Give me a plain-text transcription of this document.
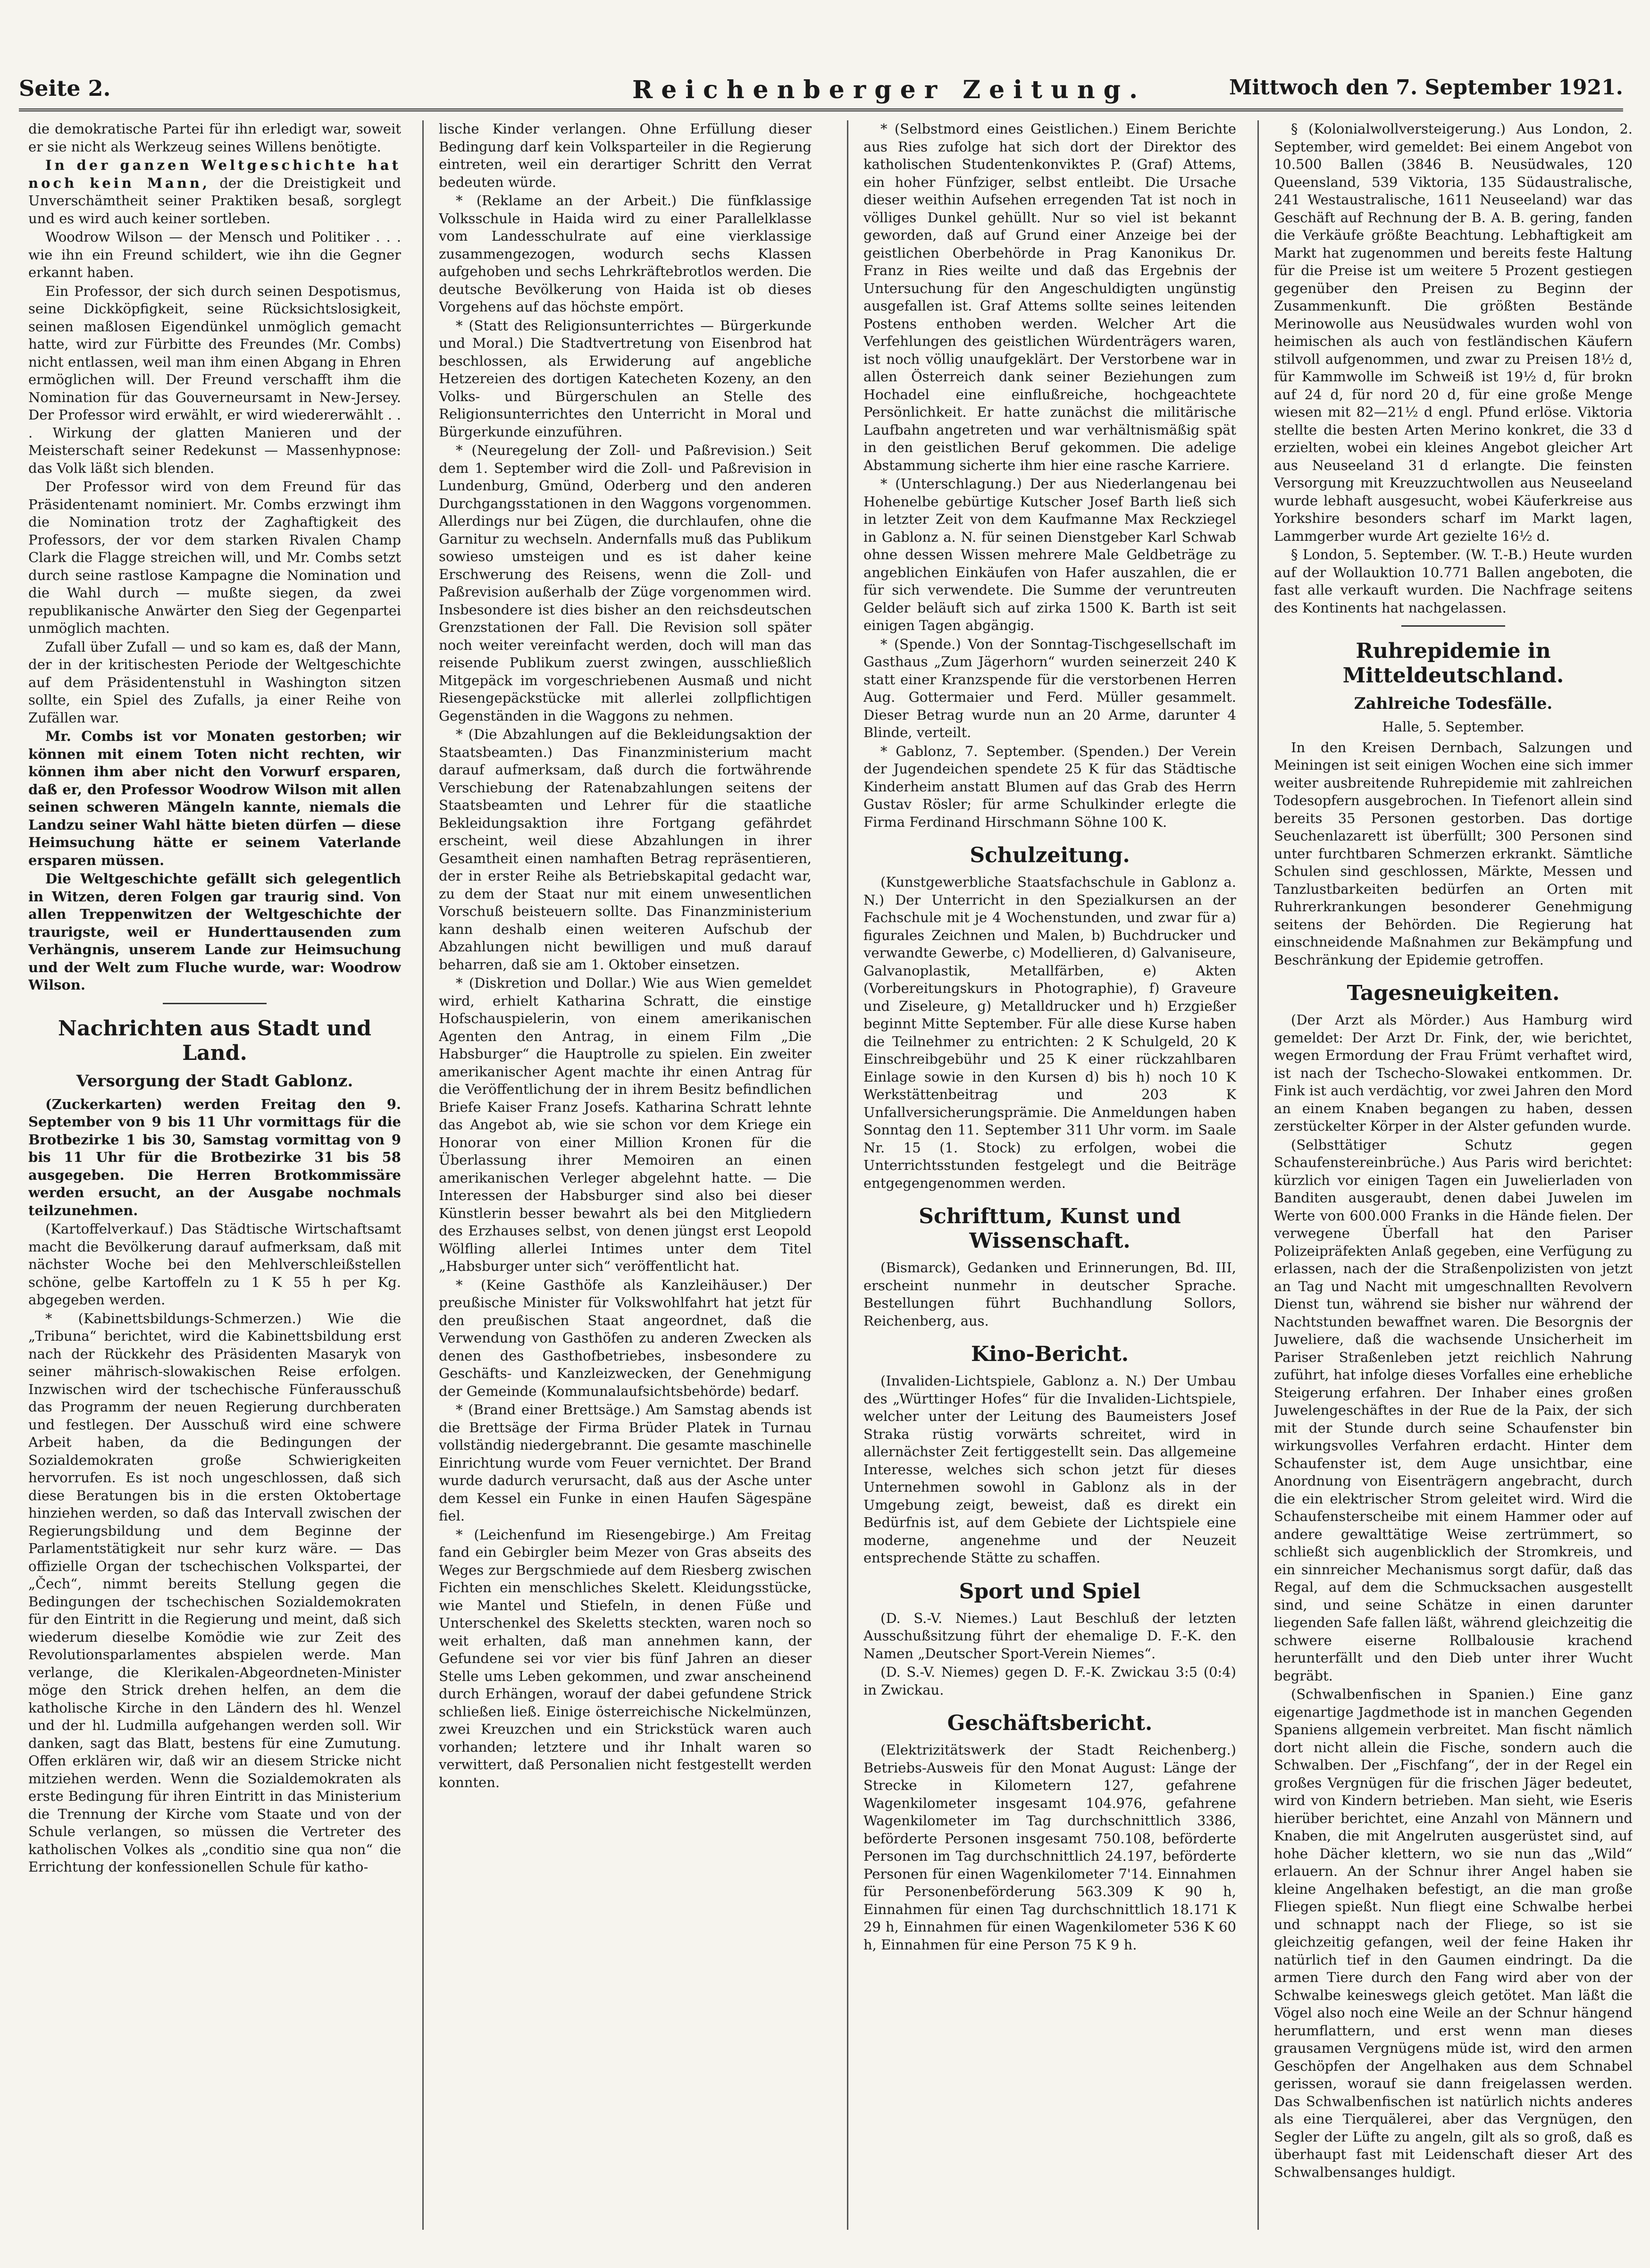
Seite 2.	Reichenberger Zeitung.	Mittwoch den 7. September 1921.

die demokratische Partei für ihn erledigt war, soweit er sie nicht als Werkzeug seines Willens benötigte.

In der ganzen Weltgeschichte hat noch kein Mann, der die Dreistigkeit und Unverschämtheit seiner Praktiken besaß, sorglegt und es wird auch keiner sortleben.

Woodrow Wilson — der Mensch und Politiker . . . wie ihn ein Freund schildert, wie ihn die Gegner erkannt haben.

Ein Professor, der sich durch seinen Despotismus, seine Dickköpfigkeit, seine Rücksichtslosigkeit, seinen maßlosen Eigendünkel unmöglich gemacht hatte, wird zur Fürbitte des Freundes (Mr. Combs) nicht entlassen, weil man ihm einen Abgang in Ehren ermöglichen will. Der Freund verschafft ihm die Nomination für das Gouverneursamt in New-Jersey. Der Professor wird erwählt, er wird wiedererwählt . . . Wirkung der glatten Manieren und der Meisterschaft seiner Redekunst — Massenhypnose: das Volk läßt sich blenden.

Der Professor wird von dem Freund für das Präsidentenamt nominiert. Mr. Combs erzwingt ihm die Nomination trotz der Zaghaftigkeit des Professors, der vor dem starken Rivalen Champ Clark die Flagge streichen will, und Mr. Combs setzt durch seine rastlose Kampagne die Nomination und die Wahl durch — mußte siegen, da zwei republikanische Anwärter den Sieg der Gegenpartei unmöglich machten.

Zufall über Zufall — und so kam es, daß der Mann, der in der kritischesten Periode der Weltgeschichte auf dem Präsidentenstuhl in Washington sitzen sollte, ein Spiel des Zufalls, ja einer Reihe von Zufällen war.

Mr. Combs ist vor Monaten gestorben; wir können mit einem Toten nicht rechten, wir können ihm aber nicht den Vorwurf ersparen, daß er, den Professor Woodrow Wilson mit allen seinen schweren Mängeln kannte, niemals die Landzu seiner Wahl hätte bieten dürfen — diese Heimsuchung hätte er seinem Vaterlande ersparen müssen.

Die Weltgeschichte gefällt sich gelegentlich in Witzen, deren Folgen gar traurig sind. Von allen Treppenwitzen der Weltgeschichte der traurigste, weil er Hunderttausenden zum Verhängnis, unserem Lande zur Heimsuchung und der Welt zum Fluche wurde, war: Woodrow Wilson.

Nachrichten aus Stadt und Land.
Versorgung der Stadt Gablonz.

(Zuckerkarten) werden Freitag den 9. September von 9 bis 11 Uhr vormittags für die Brotbezirke 1 bis 30, Samstag vormittag von 9 bis 11 Uhr für die Brotbezirke 31 bis 58 ausgegeben. Die Herren Brotkommissäre werden ersucht, an der Ausgabe nochmals teilzunehmen.

(Kartoffelverkauf.) Das Städtische Wirtschaftsamt macht die Bevölkerung darauf aufmerksam, daß mit nächster Woche bei den Mehlverschleißstellen schöne, gelbe Kartoffeln zu 1 K 55 h per Kg. abgegeben werden.

* (Kabinettsbildungs-Schmerzen.) Wie die „Tribuna“ berichtet, wird die Kabinettsbildung erst nach der Rückkehr des Präsidenten Masaryk von seiner mährisch-slowakischen Reise erfolgen. Inzwischen wird der tschechische Fünferausschuß das Programm der neuen Regierung durchberaten und festlegen. Der Ausschuß wird eine schwere Arbeit haben, da die Bedingungen der Sozialdemokraten große Schwierigkeiten hervorrufen. Es ist noch ungeschlossen, daß sich diese Beratungen bis in die ersten Oktobertage hinziehen werden, so daß das Intervall zwischen der Regierungsbildung und dem Beginne der Parlamentstätigkeit nur sehr kurz wäre. — Das offizielle Organ der tschechischen Volkspartei, der „Čech“, nimmt bereits Stellung gegen die Bedingungen der tschechischen Sozialdemokraten für den Eintritt in die Regierung und meint, daß sich wiederum dieselbe Komödie wie zur Zeit des Revolutionsparlamentes abspielen werde. Man verlange, die Klerikalen-Abgeordneten-Minister möge den Strick drehen helfen, an dem die katholische Kirche in den Ländern des hl. Wenzel und der hl. Ludmilla aufgehangen werden soll. Wir danken, sagt das Blatt, bestens für eine Zumutung. Offen erklären wir, daß wir an diesem Stricke nicht mitziehen werden. Wenn die Sozialdemokraten als erste Bedingung für ihren Eintritt in das Ministerium die Trennung der Kirche vom Staate und von der Schule verlangen, so müssen die Vertreter des katholischen Volkes als „conditio sine qua non“ die Errichtung der konfessionellen Schule für katho-

lische Kinder verlangen. Ohne Erfüllung dieser Bedingung darf kein Volksparteiler in die Regierung eintreten, weil ein derartiger Schritt den Verrat bedeuten würde.

* (Reklame an der Arbeit.) Die fünfklassige Volksschule in Haida wird zu einer Parallelklasse vom Landesschulrate auf eine vierklassige zusammengezogen, wodurch sechs Klassen aufgehoben und sechs Lehrkräftebrotlos werden. Die deutsche Bevölkerung von Haida ist ob dieses Vorgehens auf das höchste empört.

* (Statt des Religionsunterrichtes — Bürgerkunde und Moral.) Die Stadtvertretung von Eisenbrod hat beschlossen, als Erwiderung auf angebliche Hetzereien des dortigen Katecheten Kozeny, an den Volks- und Bürgerschulen an Stelle des Religionsunterrichtes den Unterricht in Moral und Bürgerkunde einzuführen.

* (Neuregelung der Zoll- und Paßrevision.) Seit dem 1. September wird die Zoll- und Paßrevision in Lundenburg, Gmünd, Oderberg und den anderen Durchgangsstationen in den Waggons vorgenommen. Allerdings nur bei Zügen, die durchlaufen, ohne die Garnitur zu wechseln. Andernfalls muß das Publikum sowieso umsteigen und es ist daher keine Erschwerung des Reisens, wenn die Zoll- und Paßrevision außerhalb der Züge vorgenommen wird. Insbesondere ist dies bisher an den reichsdeutschen Grenzstationen der Fall. Die Revision soll später noch weiter vereinfacht werden, doch will man das reisende Publikum zuerst zwingen, ausschließlich Mitgepäck im vorgeschriebenen Ausmaß und nicht Riesengepäckstücke mit allerlei zollpflichtigen Gegenständen in die Waggons zu nehmen.

* (Die Abzahlungen auf die Bekleidungsaktion der Staatsbeamten.) Das Finanzministerium macht darauf aufmerksam, daß durch die fortwährende Verschiebung der Ratenabzahlungen seitens der Staatsbeamten und Lehrer für die staatliche Bekleidungsaktion ihre Fortgang gefährdet erscheint, weil diese Abzahlungen in ihrer Gesamtheit einen namhaften Betrag repräsentieren, der in erster Reihe als Betriebskapital gedacht war, zu dem der Staat nur mit einem unwesentlichen Vorschuß beisteuern sollte. Das Finanzministerium kann deshalb einen weiteren Aufschub der Abzahlungen nicht bewilligen und muß darauf beharren, daß sie am 1. Oktober einsetzen.

* (Diskretion und Dollar.) Wie aus Wien gemeldet wird, erhielt Katharina Schratt, die einstige Hofschauspielerin, von einem amerikanischen Agenten den Antrag, in einem Film „Die Habsburger“ die Hauptrolle zu spielen. Ein zweiter amerikanischer Agent machte ihr einen Antrag für die Veröffentlichung der in ihrem Besitz befindlichen Briefe Kaiser Franz Josefs. Katharina Schratt lehnte das Angebot ab, wie sie schon vor dem Kriege ein Honorar von einer Million Kronen für die Überlassung ihrer Memoiren an einen amerikanischen Verleger abgelehnt hatte. — Die Interessen der Habsburger sind also bei dieser Künstlerin besser bewahrt als bei den Mitgliedern des Erzhauses selbst, von denen jüngst erst Leopold Wölfling allerlei Intimes unter dem Titel „Habsburger unter sich“ veröffentlicht hat.

* (Keine Gasthöfe als Kanzleihäuser.) Der preußische Minister für Volkswohlfahrt hat jetzt für den preußischen Staat angeordnet, daß die Verwendung von Gasthöfen zu anderen Zwecken als denen des Gasthofbetriebes, insbesondere zu Geschäfts- und Kanzleizwecken, der Genehmigung der Gemeinde (Kommunalaufsichtsbehörde) bedarf.

* (Brand einer Brettsäge.) Am Samstag abends ist die Brettsäge der Firma Brüder Platek in Turnau vollständig niedergebrannt. Die gesamte maschinelle Einrichtung wurde vom Feuer vernichtet. Der Brand wurde dadurch verursacht, daß aus der Asche unter dem Kessel ein Funke in einen Haufen Sägespäne fiel.

* (Leichenfund im Riesengebirge.) Am Freitag fand ein Gebirgler beim Mezer von Gras abseits des Weges zur Bergschmiede auf dem Riesberg zwischen Fichten ein menschliches Skelett. Kleidungsstücke, wie Mantel und Stiefeln, in denen Füße und Unterschenkel des Skeletts steckten, waren noch so weit erhalten, daß man annehmen kann, der Gefundene sei vor vier bis fünf Jahren an dieser Stelle ums Leben gekommen, und zwar anscheinend durch Erhängen, worauf der dabei gefundene Strick schließen ließ. Einige österreichische Nickelmünzen, zwei Kreuzchen und ein Strickstück waren auch vorhanden; letztere und ihr Inhalt waren so verwittert, daß Personalien nicht festgestellt werden konnten.

* (Selbstmord eines Geistlichen.) Einem Berichte aus Ries zufolge hat sich dort der Direktor des katholischen Studentenkonviktes P. (Graf) Attems, ein hoher Fünfziger, selbst entleibt. Die Ursache dieser weithin Aufsehen erregenden Tat ist noch in völliges Dunkel gehüllt. Nur so viel ist bekannt geworden, daß auf Grund einer Anzeige bei der geistlichen Oberbehörde in Prag Kanonikus Dr. Franz in Ries weilte und daß das Ergebnis der Untersuchung für den Angeschuldigten ungünstig ausgefallen ist. Graf Attems sollte seines leitenden Postens enthoben werden. Welcher Art die Verfehlungen des geistlichen Würdenträgers waren, ist noch völlig unaufgeklärt. Der Verstorbene war in allen Österreich dank seiner Beziehungen zum Hochadel eine einflußreiche, hochgeachtete Persönlichkeit. Er hatte zunächst die militärische Laufbahn angetreten und war verhältnismäßig spät in den geistlichen Beruf gekommen. Die adelige Abstammung sicherte ihm hier eine rasche Karriere.

* (Unterschlagung.) Der aus Niederlangenau bei Hohenelbe gebürtige Kutscher Josef Barth ließ sich in letzter Zeit von dem Kaufmanne Max Reckziegel in Gablonz a. N. für seinen Dienstgeber Karl Schwab ohne dessen Wissen mehrere Male Geldbeträge zu angeblichen Einkäufen von Hafer auszahlen, die er für sich verwendete. Die Summe der veruntreuten Gelder beläuft sich auf zirka 1500 K. Barth ist seit einigen Tagen abgängig.

* (Spende.) Von der Sonntag-Tischgesellschaft im Gasthaus „Zum Jägerhorn“ wurden seinerzeit 240 K statt einer Kranzspende für die verstorbenen Herren Aug. Gottermaier und Ferd. Müller gesammelt. Dieser Betrag wurde nun an 20 Arme, darunter 4 Blinde, verteilt.

* Gablonz, 7. September. (Spenden.) Der Verein der Jugendeichen spendete 25 K für das Städtische Kinderheim anstatt Blumen auf das Grab des Herrn Gustav Rösler; für arme Schulkinder erlegte die Firma Ferdinand Hirschmann Söhne 100 K.

Schulzeitung.

(Kunstgewerbliche Staatsfachschule in Gablonz a. N.) Der Unterricht in den Spezialkursen an der Fachschule mit je 4 Wochenstunden, und zwar für a) figurales Zeichnen und Malen, b) Buchdrucker und verwandte Gewerbe, c) Modellieren, d) Galvaniseure, Galvanoplastik, Metallfärben, e) Akten (Vorbereitungskurs in Photographie), f) Graveure und Ziseleure, g) Metalldrucker und h) Erzgießer beginnt Mitte September. Für alle diese Kurse haben die Teilnehmer zu entrichten: 2 K Schulgeld, 20 K Einschreibgebühr und 25 K einer rückzahlbaren Einlage sowie in den Kursen d) bis h) noch 10 K Werkstättenbeitrag und 203 K Unfallversicherungsprämie. Die Anmeldungen haben Sonntag den 11. September 311 Uhr vorm. im Saale Nr. 15 (1. Stock) zu erfolgen, wobei die Unterrichtsstunden festgelegt und die Beiträge entgegengenommen werden.

Schrifttum, Kunst und Wissenschaft.

(Bismarck), Gedanken und Erinnerungen, Bd. III, erscheint nunmehr in deutscher Sprache. Bestellungen führt Buchhandlung Sollors, Reichenberg, aus.

Kino-Bericht.

(Invaliden-Lichtspiele, Gablonz a. N.) Der Umbau des „Württinger Hofes“ für die Invaliden-Lichtspiele, welcher unter der Leitung des Baumeisters Josef Straka rüstig vorwärts schreitet, wird in allernächster Zeit fertiggestellt sein. Das allgemeine Interesse, welches sich schon jetzt für dieses Unternehmen sowohl in Gablonz als in der Umgebung zeigt, beweist, daß es direkt ein Bedürfnis ist, auf dem Gebiete der Lichtspiele eine moderne, angenehme und der Neuzeit entsprechende Stätte zu schaffen.

Sport und Spiel

(D. S.-V. Niemes.) Laut Beschluß der letzten Ausschußsitzung führt der ehemalige D. F.-K. den Namen „Deutscher Sport-Verein Niemes“.

(D. S.-V. Niemes) gegen D. F.-K. Zwickau 3:5 (0:4) in Zwickau.

Geschäftsbericht.

(Elektrizitätswerk der Stadt Reichenberg.) Betriebs-Ausweis für den Monat August: Länge der Strecke in Kilometern 127, gefahrene Wagenkilometer insgesamt 104.976, gefahrene Wagenkilometer im Tag durchschnittlich 3386, beförderte Personen insgesamt 750.108, beförderte Personen im Tag durchschnittlich 24.197, beförderte Personen für einen Wagenkilometer 7'14. Einnahmen für Personenbeförderung 563.309 K 90 h, Einnahmen für einen Tag durchschnittlich 18.171 K 29 h, Einnahmen für einen Wagenkilometer 536 K 60 h, Einnahmen für eine Person 75 K 9 h.

§ (Kolonialwollversteigerung.) Aus London, 2. September, wird gemeldet: Bei einem Angebot von 10.500 Ballen (3846 B. Neusüdwales, 120 Queensland, 539 Viktoria, 135 Südaustralische, 241 Westaustralische, 1611 Neuseeland) war das Geschäft auf Rechnung der B. A. B. gering, fanden die Verkäufe größte Beachtung. Lebhaftigkeit am Markt hat zugenommen und bereits feste Haltung für die Preise ist um weitere 5 Prozent gestiegen gegenüber den Preisen zu Beginn der Zusammenkunft. Die größten Bestände Merinowolle aus Neusüdwales wurden wohl von heimischen als auch von festländischen Käufern stilvoll aufgenommen, und zwar zu Preisen 18½ d, für Kammwolle im Schweiß ist 19½ d, für brokn auf 24 d, für nord 20 d, für eine große Menge wiesen mit 82—21½ d engl. Pfund erlöse. Viktoria stellte die besten Arten Merino konkret, die 33 d erzielten, wobei ein kleines Angebot gleicher Art aus Neuseeland 31 d erlangte. Die feinsten Versorgung mit Kreuzzuchtwollen aus Neuseeland wurde lebhaft ausgesucht, wobei Käuferkreise aus Yorkshire besonders scharf im Markt lagen, Lammgerber wurde Art gezielte 16½ d.

§ London, 5. September. (W. T.-B.) Heute wurden auf der Wollauktion 10.771 Ballen angeboten, die fast alle verkauft wurden. Die Nachfrage seitens des Kontinents hat nachgelassen.

Ruhrepidemie in Mitteldeutschland.
Zahlreiche Todesfälle.

Halle, 5. September.

In den Kreisen Dernbach, Salzungen und Meiningen ist seit einigen Wochen eine sich immer weiter ausbreitende Ruhrepidemie mit zahlreichen Todesopfern ausgebrochen. In Tiefenort allein sind bereits 35 Personen gestorben. Das dortige Seuchenlazarett ist überfüllt; 300 Personen sind unter furchtbaren Schmerzen erkrankt. Sämtliche Schulen sind geschlossen, Märkte, Messen und Tanzlustbarkeiten bedürfen an Orten mit Ruhrerkrankungen besonderer Genehmigung seitens der Behörden. Die Regierung hat einschneidende Maßnahmen zur Bekämpfung und Beschränkung der Epidemie getroffen.

Tagesneuigkeiten.

(Der Arzt als Mörder.) Aus Hamburg wird gemeldet: Der Arzt Dr. Fink, der, wie berichtet, wegen Ermordung der Frau Frümt verhaftet wird, ist nach der Tschecho-Slowakei entkommen. Dr. Fink ist auch verdächtig, vor zwei Jahren den Mord an einem Knaben begangen zu haben, dessen zerstückelter Körper in der Alster gefunden wurde.

(Selbsttätiger Schutz gegen Schaufenstereinbrüche.) Aus Paris wird berichtet: kürzlich vor einigen Tagen ein Juwelierladen von Banditen ausgeraubt, denen dabei Juwelen im Werte von 600.000 Franks in die Hände fielen. Der verwegene Überfall hat den Pariser Polizeipräfekten Anlaß gegeben, eine Verfügung zu erlassen, nach der die Straßenpolizisten von jetzt an Tag und Nacht mit umgeschnallten Revolvern Dienst tun, während sie bisher nur während der Nachtstunden bewaffnet waren. Die Besorgnis der Juweliere, daß die wachsende Unsicherheit im Pariser Straßenleben jetzt reichlich Nahrung zuführt, hat infolge dieses Vorfalles eine erhebliche Steigerung erfahren. Der Inhaber eines großen Juwelengeschäftes in der Rue de la Paix, der sich mit der Stunde durch seine Schaufenster bin wirkungsvolles Verfahren erdacht. Hinter dem Schaufenster ist, dem Auge unsichtbar, eine Anordnung von Eisenträgern angebracht, durch die ein elektrischer Strom geleitet wird. Wird die Schaufensterscheibe mit einem Hammer oder auf andere gewalttätige Weise zertrümmert, so schließt sich augenblicklich der Stromkreis, und ein sinnreicher Mechanismus sorgt dafür, daß das Regal, auf dem die Schmucksachen ausgestellt sind, und seine Schätze in einen darunter liegenden Safe fallen läßt, während gleichzeitig die schwere eiserne Rollbalousie krachend herunterfällt und den Dieb unter ihrer Wucht begräbt.

(Schwalbenfischen in Spanien.) Eine ganz eigenartige Jagdmethode ist in manchen Gegenden Spaniens allgemein verbreitet. Man fischt nämlich dort nicht allein die Fische, sondern auch die Schwalben. Der „Fischfang“, der in der Regel ein großes Vergnügen für die frischen Jäger bedeutet, wird von Kindern betrieben. Man sieht, wie Eseris hierüber berichtet, eine Anzahl von Männern und Knaben, die mit Angelruten ausgerüstet sind, auf hohe Dächer klettern, wo sie nun das „Wild“ erlauern. An der Schnur ihrer Angel haben sie kleine Angelhaken befestigt, an die man große Fliegen spießt. Nun fliegt eine Schwalbe herbei und schnappt nach der Fliege, so ist sie gleichzeitig gefangen, weil der feine Haken ihr natürlich tief in den Gaumen eindringt. Da die armen Tiere durch den Fang wird aber von der Schwalbe keineswegs gleich getötet. Man läßt die Vögel also noch eine Weile an der Schnur hängend herumflattern, und erst wenn man dieses grausamen Vergnügens müde ist, wird den armen Geschöpfen der Angelhaken aus dem Schnabel gerissen, worauf sie dann freigelassen werden. Das Schwalbenfischen ist natürlich nichts anderes als eine Tierquälerei, aber das Vergnügen, den Segler der Lüfte zu angeln, gilt als so groß, daß es überhaupt fast mit Leidenschaft dieser Art des Schwalbensanges huldigt.
